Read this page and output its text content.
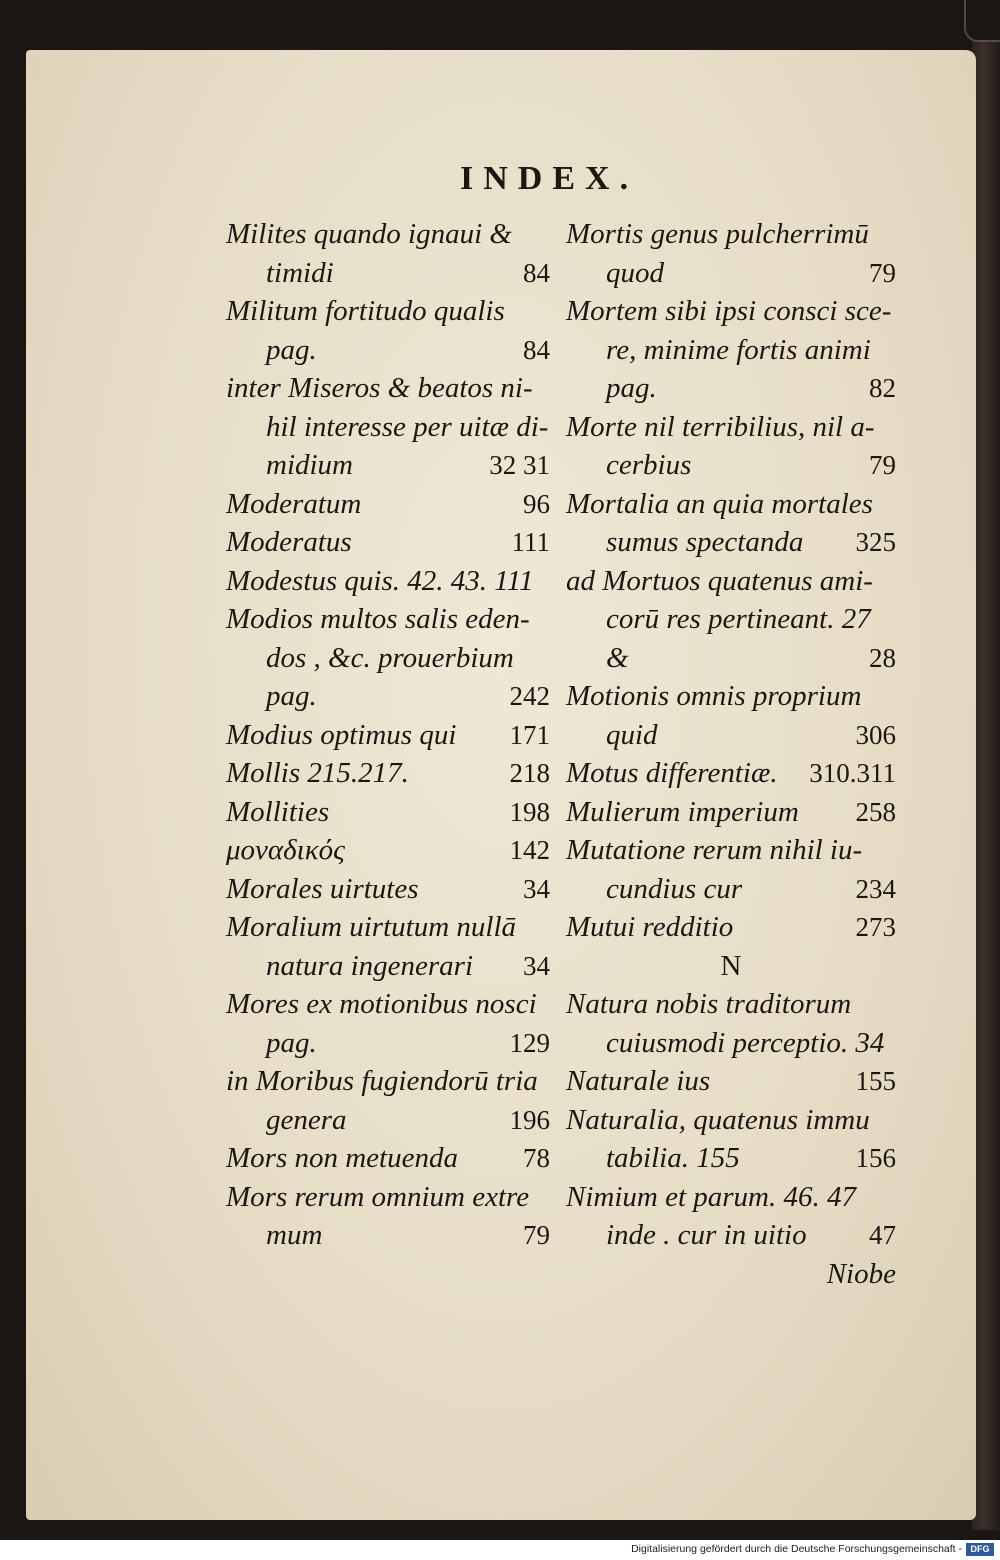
INDEX.
Milites quando ignaui &
timidi	84
Militum fortitudo qualis
pag.	84
inter Miseros & beatos ni-
hil interesse per uitæ di-
midium	32 31
Moderatum	96
Moderatus	111
Modestus quis. 42. 43. 111
Modios multos salis eden-
dos , &c. prouerbium
pag.	242
Modius optimus qui 171
Mollis 215.217.	218
Mollities	198
μοναδικός	142
Morales uirtutes	34
Moralium uirtutum nullā
natura ingenerari 34
Mores ex motionibus nosci
pag.	129
in Moribus fugiendorū tria
genera	196
Mors non metuenda 78
Mors rerum omnium extre
mum	79
Mortis genus pulcherrimū
quod	79
Mortem sibi ipsi consci sce-
re, minime fortis animi
pag.	82
Morte nil terribilius, nil a-
cerbius	79
Mortalia an quia mortales
sumus spectanda 325
ad Mortuos quatenus ami-
corū res pertineant. 27
&	28
Motionis omnis proprium
quid	306
Motus differentiæ. 310.311
Mulierum imperium 258
Mutatione rerum nihil iu-
cundius cur	234
Mutui redditio	273
N
Natura nobis traditorum
cuiusmodi perceptio. 34
Naturale ius	155
Naturalia, quatenus immu
tabilia. 155	156
Nimium et parum. 46. 47
inde . cur in uitio 47
Niobe
Digitalisierung gefördert durch die Deutsche Forschungsgemeinschaft - DFG
